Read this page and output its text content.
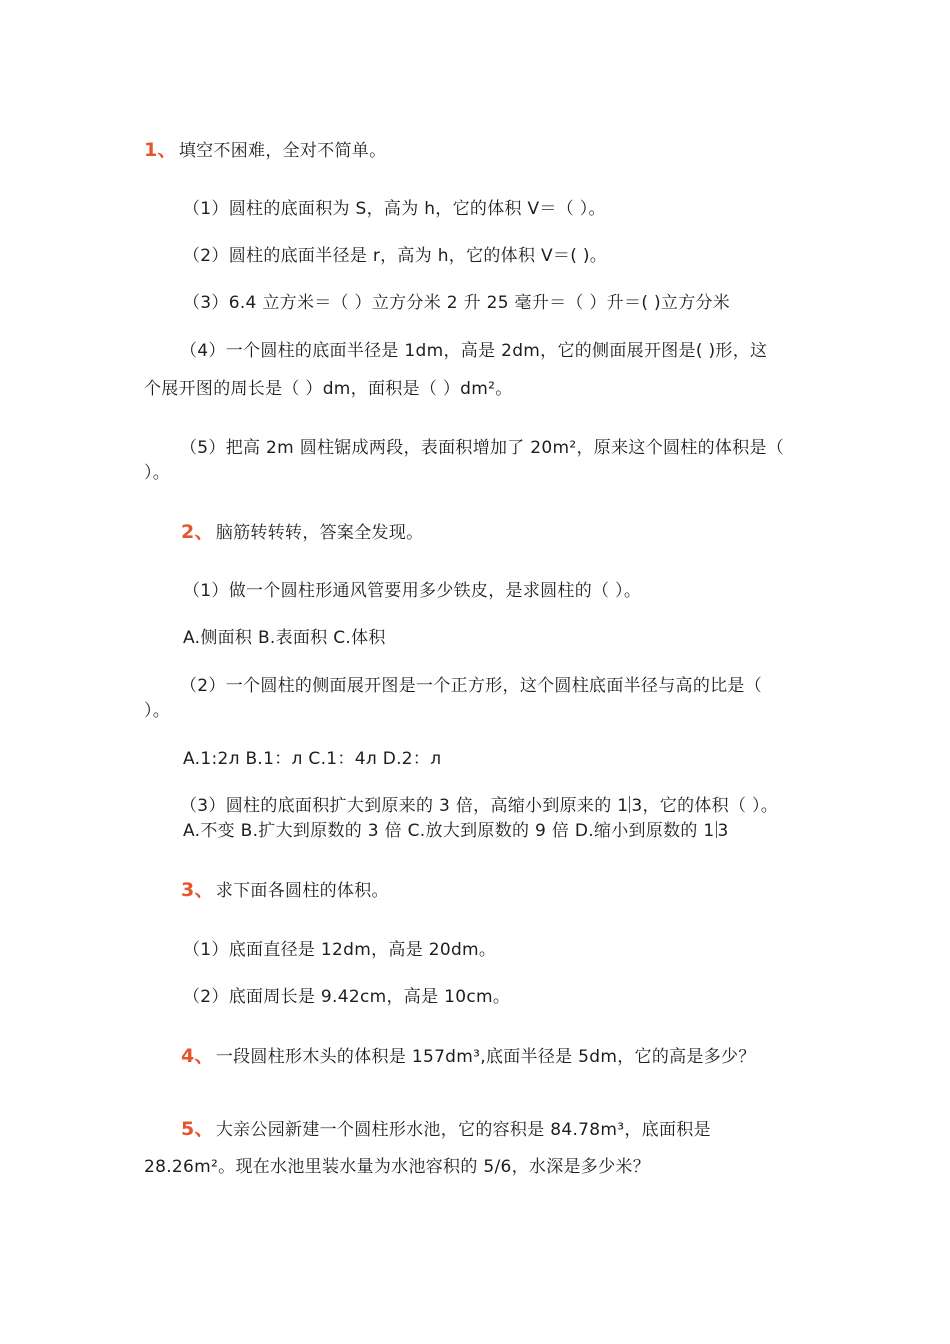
1、 填空不困难，全对不简单。
（1）圆柱的底面积为 S，高为 h，它的体积 V＝（ ）。
（2）圆柱的底面半径是 r，高为 h，它的体积 V＝( )。
（3）6.4 立方米＝（ ）立方分米 2 升 25 毫升＝（ ）升＝( )立方分米
（4）一个圆柱的底面半径是 1dm，高是 2dm，它的侧面展开图是( )形，这
个展开图的周长是（ ）dm，面积是（ ）dm²。
（5）把高 2m 圆柱锯成两段，表面积增加了 20m²，原来这个圆柱的体积是（
）。
2、 脑筋转转转，答案全发现。
（1）做一个圆柱形通风管要用多少铁皮，是求圆柱的（ ）。
A.侧面积 B.表面积 C.体积
（2）一个圆柱的侧面展开图是一个正方形，这个圆柱底面半径与高的比是（
）。
A.1:2л B.1：л C.1：4л D.2：л
（3）圆柱的底面积扩大到原来的 3 倍，高缩小到原来的 1 3，它的体积（ ）。
A.不变 B.扩大到原数的 3 倍 C.放大到原数的 9 倍 D.缩小到原数的 1 3
3、 求下面各圆柱的体积。
（1）底面直径是 12dm，高是 20dm。
（2）底面周长是 9.42cm，高是 10cm。
4、 一段圆柱形木头的体积是 157dm³,底面半径是 5dm，它的高是多少？
5、 大亲公园新建一个圆柱形水池，它的容积是 84.78m³，底面积是
28.26m²。现在水池里装水量为水池容积的 5/6，水深是多少米？
